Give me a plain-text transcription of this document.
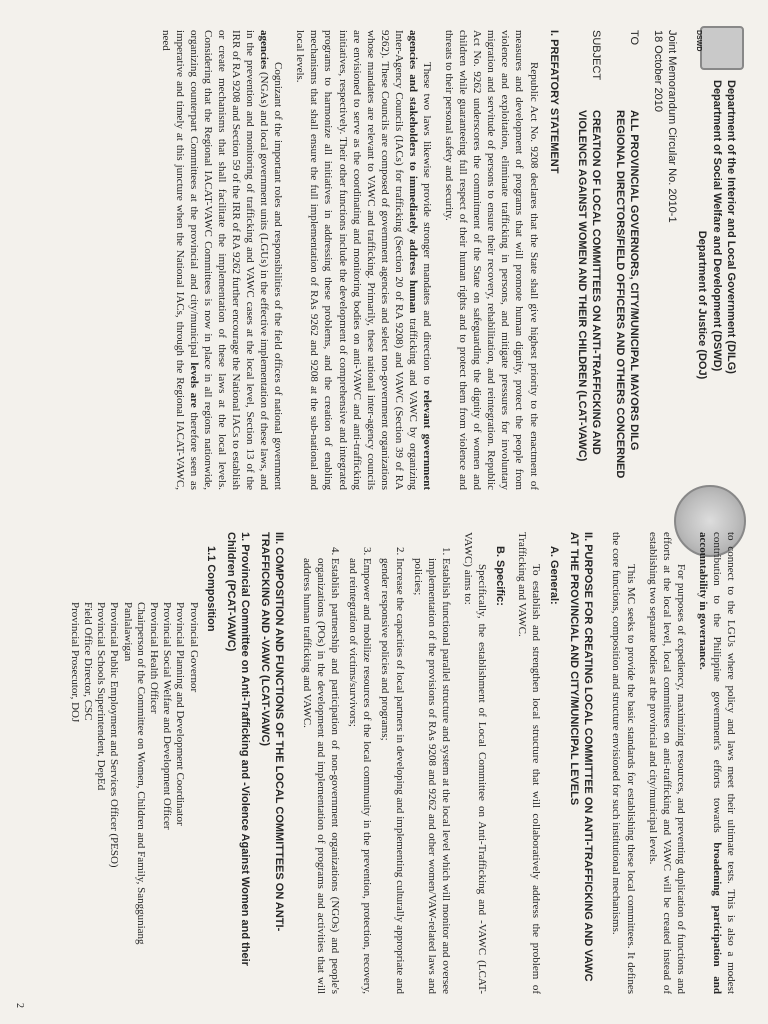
DSWD
Department of the Interior and Local Government (DILG)
Department of Social Welfare and Development (DSWD)
Department of Justice (DOJ)
Joint Memorandum Circular No. 2010-1
18 October 2010
TO
ALL PROVINCIAL GOVERNORS, CITY/MUNICIPAL MAYORS DILG REGIONAL DIRECTORS/FIELD OFFICERS AND OTHERS CONCERNED
SUBJECT
CREATION OF LOCAL COMMITTEES ON ANTI-TRAFFICKING AND VIOLENCE AGAINST WOMEN AND THEIR CHILDREN (LCAT-VAWC)
I. PREFATORY STATEMENT

Republic Act No. 9208 declares that the State shall give highest priority to the enactment of measures and development of programs that will promote human dignity, protect the people from violence and exploitation, eliminate trafficking in persons, and mitigate pressures for involuntary migration and servitude of persons to ensure their recovery, rehabilitation, and reintegration. Republic Act No. 9262 underscores the commitment of the State on safeguarding the dignity of women and children while guaranteeing full respect of their human rights and to protect them from violence and threats to their personal safety and security.

These two laws likewise provide stronger mandates and direction to relevant government agencies and stakeholders to immediately address human trafficking and VAWC by organizing Inter-Agency Councils (IACs) for trafficking (Section 20 of RA 9208) and VAWC (Section 39 of RA 9262). These Councils are composed of government agencies and select non-government organizations whose mandates are relevant to VAWC and trafficking. Primarily, these national inter-agency councils are envisioned to serve as the coordinating and monitoring bodies on anti-VAWC and anti-trafficking initiatives, respectively. Their other functions include the development of comprehensive and integrated programs to harmonize all initiatives in addressing these problems, and the creation of enabling mechanisms that shall ensure the full implementation of RAs 9262 and 9208 at the sub-national and local levels.

Cognizant of the important roles and responsibilities of the field offices of national government agencies (NGAs) and local government units (LGUs) in the effective implementation of these laws, and in the prevention and monitoring of trafficking and VAWC cases at the local level, Section 13 of the IRR of RA 9208 and Section 59 of the IRR of RA 9262 further encourage the National IACs to establish or create mechanisms that shall facilitate the implementation of these laws at the local levels. Considering that the Regional IACAT-VAWC Committees is now in place in all regions nationwide, organizing counterpart Committees at the provincial and city/municipal levels are therefore seen as imperative and timely at this juncture when the National IACs, through the Regional IACAT-VAWC, need

to connect to the LGUs where policy and laws meet their ultimate tests. This is also a modest contribution to the Philippine government's efforts towards broadening participation and accountability in governance.

For purposes of expediency, maximizing resources, and preventing duplication of functions and efforts at the local level, local committees on anti-trafficking and VAWC will be created instead of establishing two separate bodies at the provincial and city/municipal levels.

This MC seeks to provide the basic standards for establishing these local committees. It defines the core functions, composition and structure envisioned for such institutional mechanisms.

II. PURPOSE FOR CREATING LOCAL COMMITTEE ON ANTI-TRAFFICKING AND VAWC AT THE PROVINCIAL AND CITY/MUNICIPAL LEVELS
A. General:

To establish and strengthen local structure that will collaboratively address the problem of Trafficking and VAWC.

B. Specific:

Specifically, the establishment of Local Committee on Anti-Trafficking and -VAWC (LCAT-VAWC) aims to:

1. Establish functional parallel structure and system at the local level which will monitor and oversee implementation of the provisions of RAs 9208 and 9262 and other women/VAW-related laws and policies;
2. Increase the capacities of local partners in developing and implementing culturally appropriate and gender responsive policies and programs;
3. Empower and mobilize resources of the local community in the prevention, protection, recovery, and reintegration of victims/survivors;
4. Establish partnership and participation of non-government organizations (NGOs) and people's organizations (POs) in the development and implementation of programs and activities that will address human trafficking and VAWC.
III. COMPOSITION AND FUNCTIONS OF THE LOCAL COMMITTEES ON ANTI-TRAFFICKING AND -VAWC (LCAT-VAWC)
1. Provincial Committee on Anti-Trafficking and -Violence Against Women and their Children (PCAT-VAWC)
1.1 Composition
Provincial Governor
Provincial Planning and Development Coordinator
Provincial Social Welfare and Development Officer
Provincial Health Officer
Chairperson of the Committee on Women, Children and Family, Sangguniang Panlalawigan
Provincial Public Employment and Services Officer (PESO)
Provincial Schools Superintendent, DepEd
Field Office Director, CSC
Provincial Prosecutor, DOJ
2
